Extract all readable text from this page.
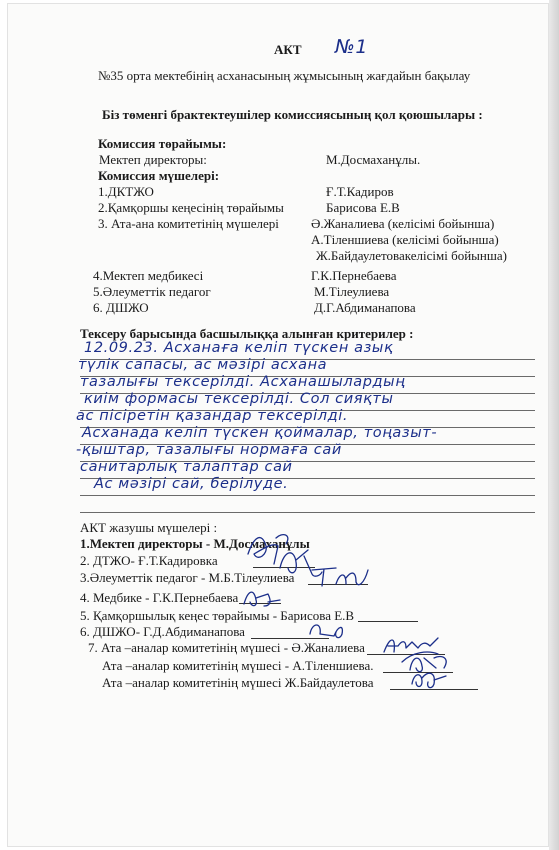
АКТ №1
№35 орта мектебінің асханасының жұмысының жағдайын бақылау
Біз төменгі брактектеушілер комиссиясының қол қоюшылары :
Комиссия төрайымы:
Мектеп директоры:	М.Досмаханұлы.
Комиссия мүшелері:
1.ДКТЖО	Ғ.Т.Кадиров
2.Қамқоршы кеңесінің төрайымы	Барисова Е.В
3. Ата-ана комитетінің мүшелері Ә.Жаналиева (келісімі бойынша)
А.Тіленшиева (келісімі бойынша)
Ж.Байдаулетовакелісімі бойынша)
4.Мектеп медбикесі	Г.К.Пернебаева
5.Әлеуметтік педагог	М.Тілеулиева
6. ДШЖО	Д.Г.Абдиманапова
Тексеру барысында басшылыққа алынған критерилер :
12.09.23. Асханаға келіп түскен азық
түлік сапасы, ас мәзірі асхана
тазалығы тексерілді. Асханашылардың
киім формасы тексерілді. Сол сияқты
ас пісіретін қазандар тексерілді.
Асханада келіп түскен қоймалар, тоңазыт-
-қыштар, тазалығы нормаға сай
санитарлық талаптар сай
Ас мәзірі сай, берілуде.
АКТ жазушы мүшелері :
1.Мектеп директоры - М.Досмаханұлы
2. ДТЖО- Ғ.Т.Кадировка
3.Әлеуметтік педагог - М.Б.Тілеулиева
4. Медбике - Г.К.Пернебаева
5. Қамқоршылық кеңес төрайымы - Барисова Е.В
6. ДШЖО- Г.Д.Абдиманапова
7. Ата –аналар комитетінің мүшесі - Ә.Жаналиева
Ата –аналар комитетінің мүшесі - А.Тіленшиева.
Ата –аналар комитетінің мүшесі Ж.Байдаулетова
